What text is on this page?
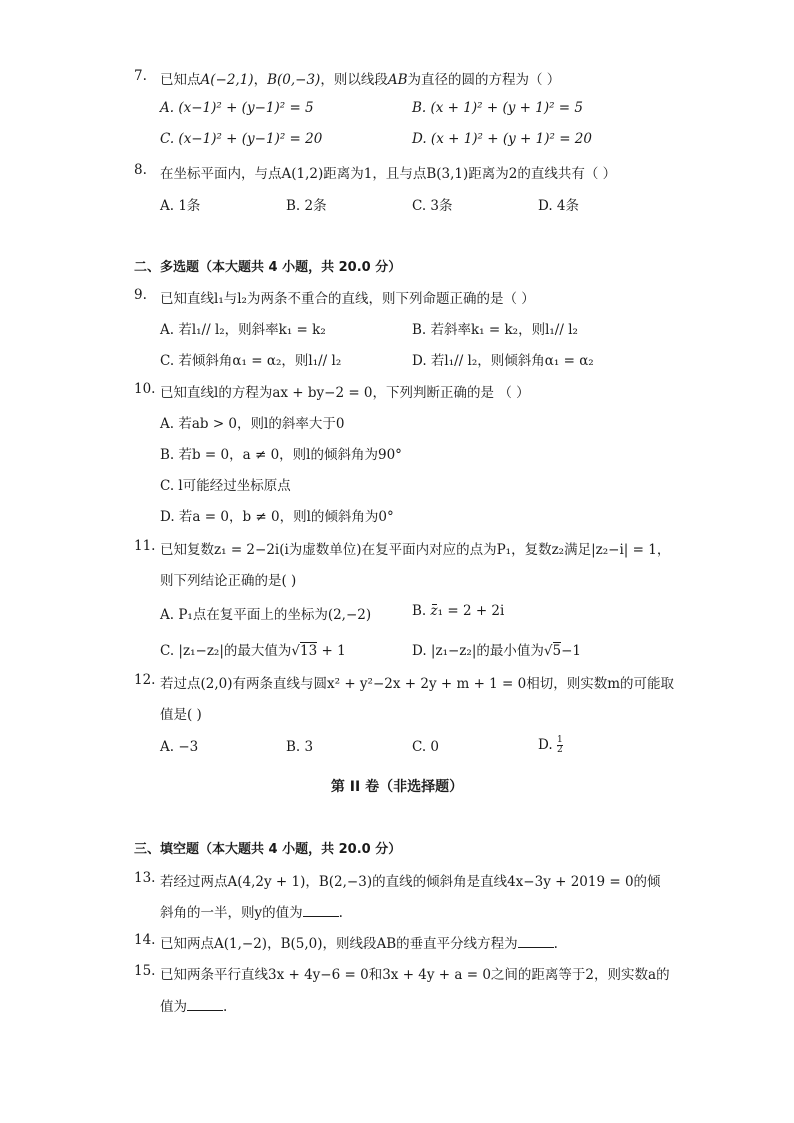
7. 已知点A(−2,1)，B(0,−3)，则以线段AB为直径的圆的方程为（ ）
A. (x−1)² + (y−1)² = 5	B. (x + 1)² + (y + 1)² = 5
C. (x−1)² + (y−1)² = 20	D. (x + 1)² + (y + 1)² = 20
8. 在坐标平面内，与点A(1,2)距离为1，且与点B(3,1)距离为2的直线共有（ ）
A. 1条	B. 2条	C. 3条	D. 4条
二、多选题（本大题共 4 小题，共 20.0 分）
9. 已知直线l₁与l₂为两条不重合的直线，则下列命题正确的是（ ）
A. 若l₁// l₂，则斜率k₁ = k₂	B. 若斜率k₁ = k₂，则l₁// l₂
C. 若倾斜角α₁ = α₂，则l₁// l₂	D. 若l₁// l₂，则倾斜角α₁ = α₂
10. 已知直线l的方程为ax + by−2 = 0，下列判断正确的是 （ ）
A. 若ab > 0，则l的斜率大于0
B. 若b = 0，a ≠ 0，则l的倾斜角为90°
C. l可能经过坐标原点
D. 若a = 0，b ≠ 0，则l的倾斜角为0°
11. 已知复数z₁ = 2−2i(i为虚数单位)在复平面内对应的点为P₁，复数z₂满足|z₂−i| = 1，
则下列结论正确的是( )
A. P₁点在复平面上的坐标为(2,−2)	B. z₁ = 2 + 2i
C. |z₁−z₂|的最大值为√13 + 1	D. |z₁−z₂|的最小值为√5−1
12. 若过点(2,0)有两条直线与圆x² + y²−2x + 2y + m + 1 = 0相切，则实数m的可能取
值是( )
A. −3	B. 3	C. 0	D. $\frac{1}{2}$
第 II 卷（非选择题）
三、填空题（本大题共 4 小题，共 20.0 分）
13. 若经过两点A(4,2y + 1)，B(2,−3)的直线的倾斜角是直线4x−3y + 2019 = 0的倾
斜角的一半，则y的值为	.
14. 已知两点A(1,−2)，B(5,0)，则线段AB的垂直平分线方程为	.
15. 已知两条平行直线3x + 4y−6 = 0和3x + 4y + a = 0之间的距离等于2，则实数a的
值为	.
